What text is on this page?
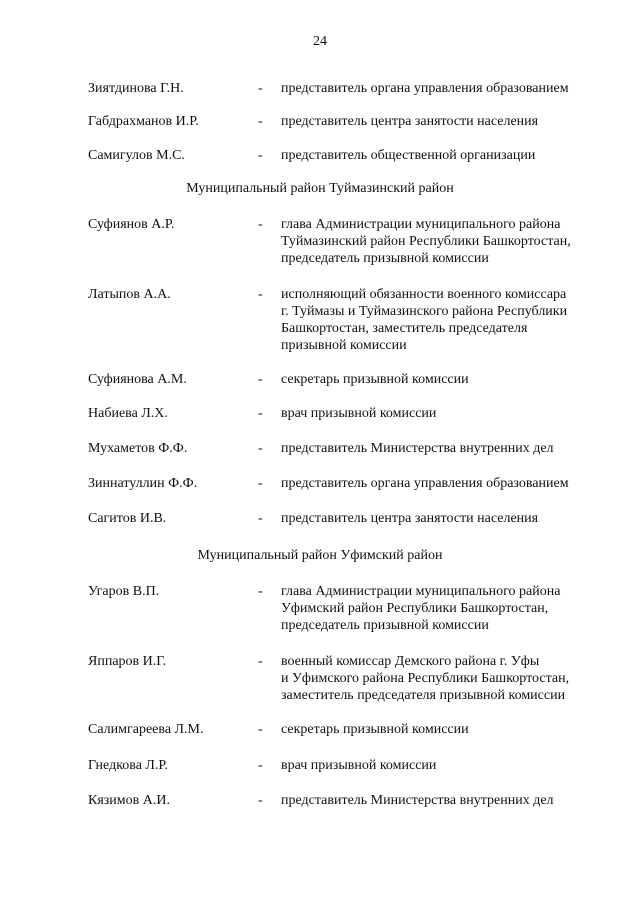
24
Зиятдинова Г.Н.	- представитель органа управления образованием
Габдрахманов И.Р.	- представитель центра занятости населения
Самигулов М.С.	- представитель общественной организации
Муниципальный район Туймазинский район
Суфиянов А.Р.	- глава Администрации муниципального района
Туймазинский район Республики Башкортостан,
председатель призывной комиссии
Латыпов А.А.	- исполняющий обязанности военного комиссара
г. Туймазы и Туймазинского района Республики
Башкортостан, заместитель председателя
призывной комиссии
Суфиянова А.М.	- секретарь призывной комиссии
Набиева Л.Х.	- врач призывной комиссии
Мухаметов Ф.Ф.	- представитель Министерства внутренних дел
Зиннатуллин Ф.Ф.	- представитель органа управления образованием
Сагитов И.В.	- представитель центра занятости населения
Муниципальный район Уфимский район
Угаров В.П.	- глава Администрации муниципального района
Уфимский район Республики Башкортостан,
председатель призывной комиссии
Яппаров И.Г.	- военный комиссар Демского района г. Уфы
и Уфимского района Республики Башкортостан,
заместитель председателя призывной комиссии
Салимгареева Л.М.	- секретарь призывной комиссии
Гнедкова Л.Р.	- врач призывной комиссии
Кязимов А.И.	- представитель Министерства внутренних дел
